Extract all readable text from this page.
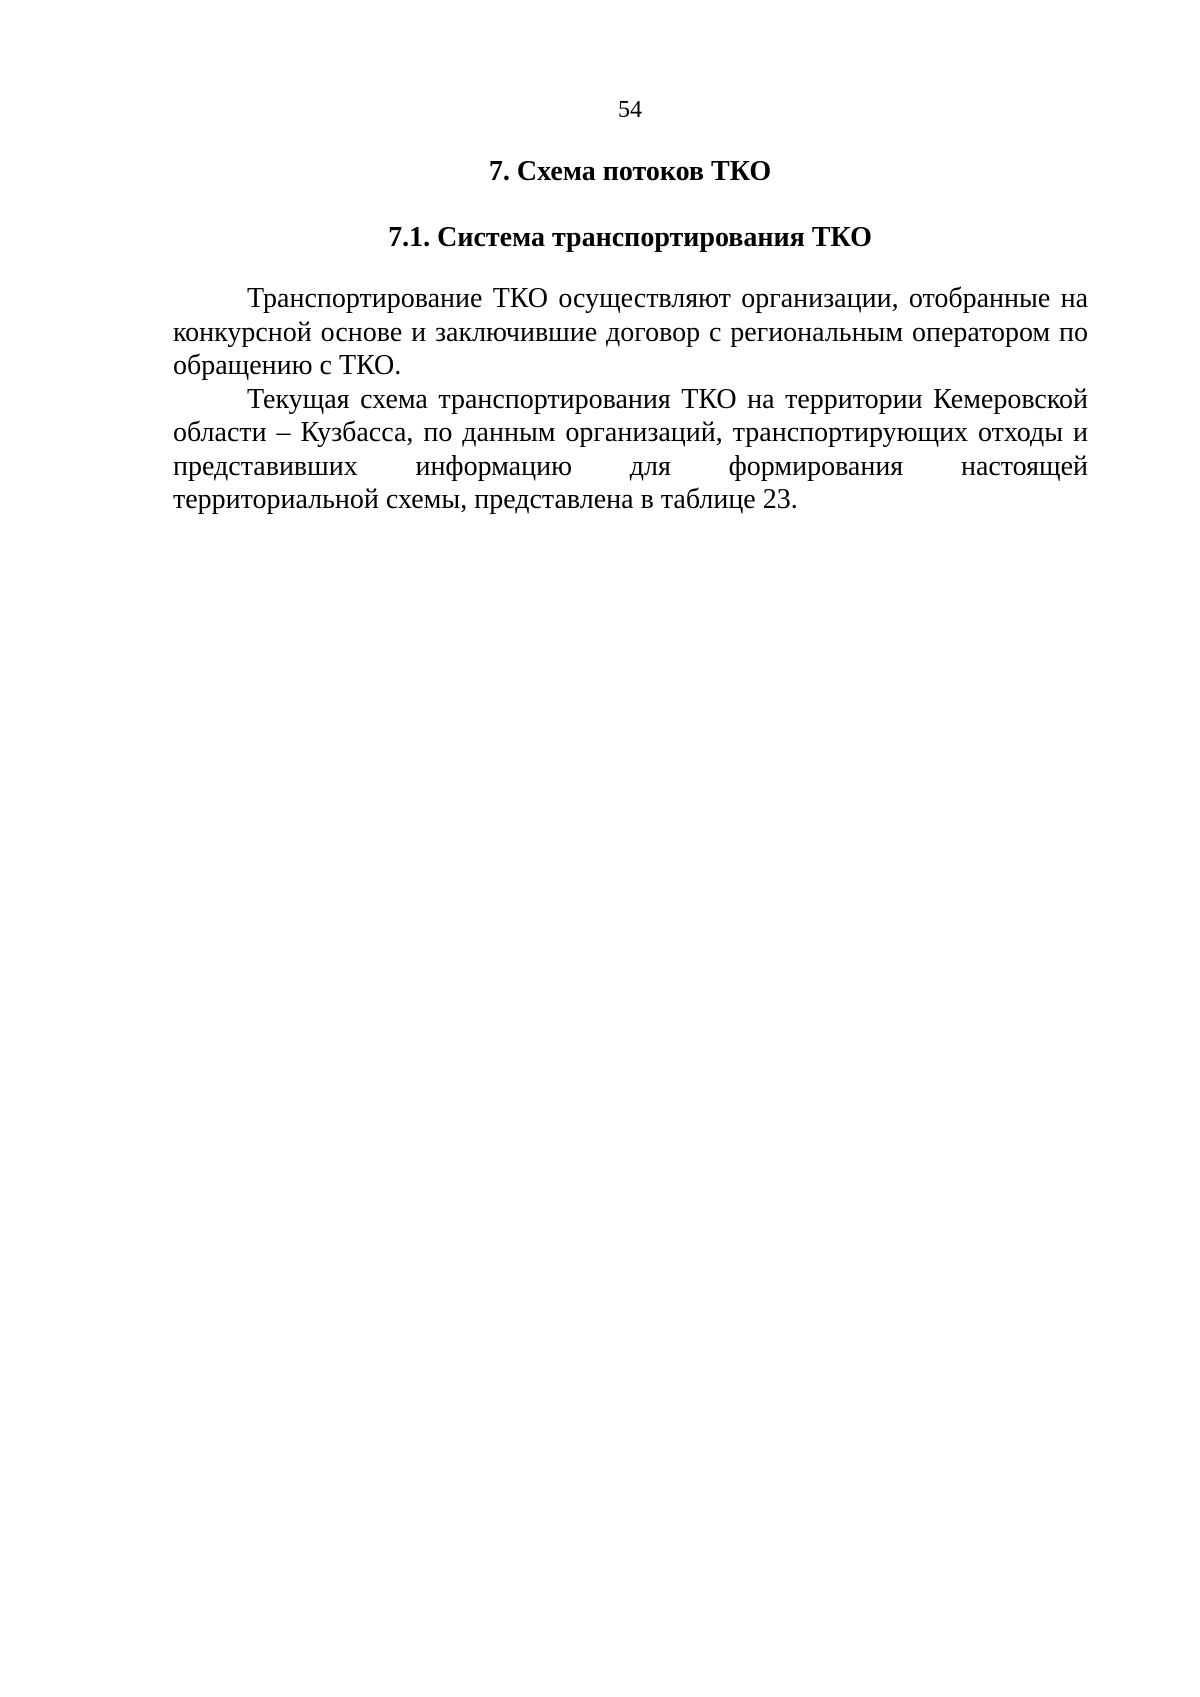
54
7. Схема потоков ТКО
7.1. Система транспортирования ТКО

Транспортирование ТКО осуществляют организации, отобранные на конкурсной основе и заключившие договор с региональным оператором по обращению с ТКО.

Текущая схема транспортирования ТКО на территории Кемеровской области – Кузбасса, по данным организаций, транспортирующих отходы и представивших информацию для формирования настоящей территориальной схемы, представлена в таблице 23.
